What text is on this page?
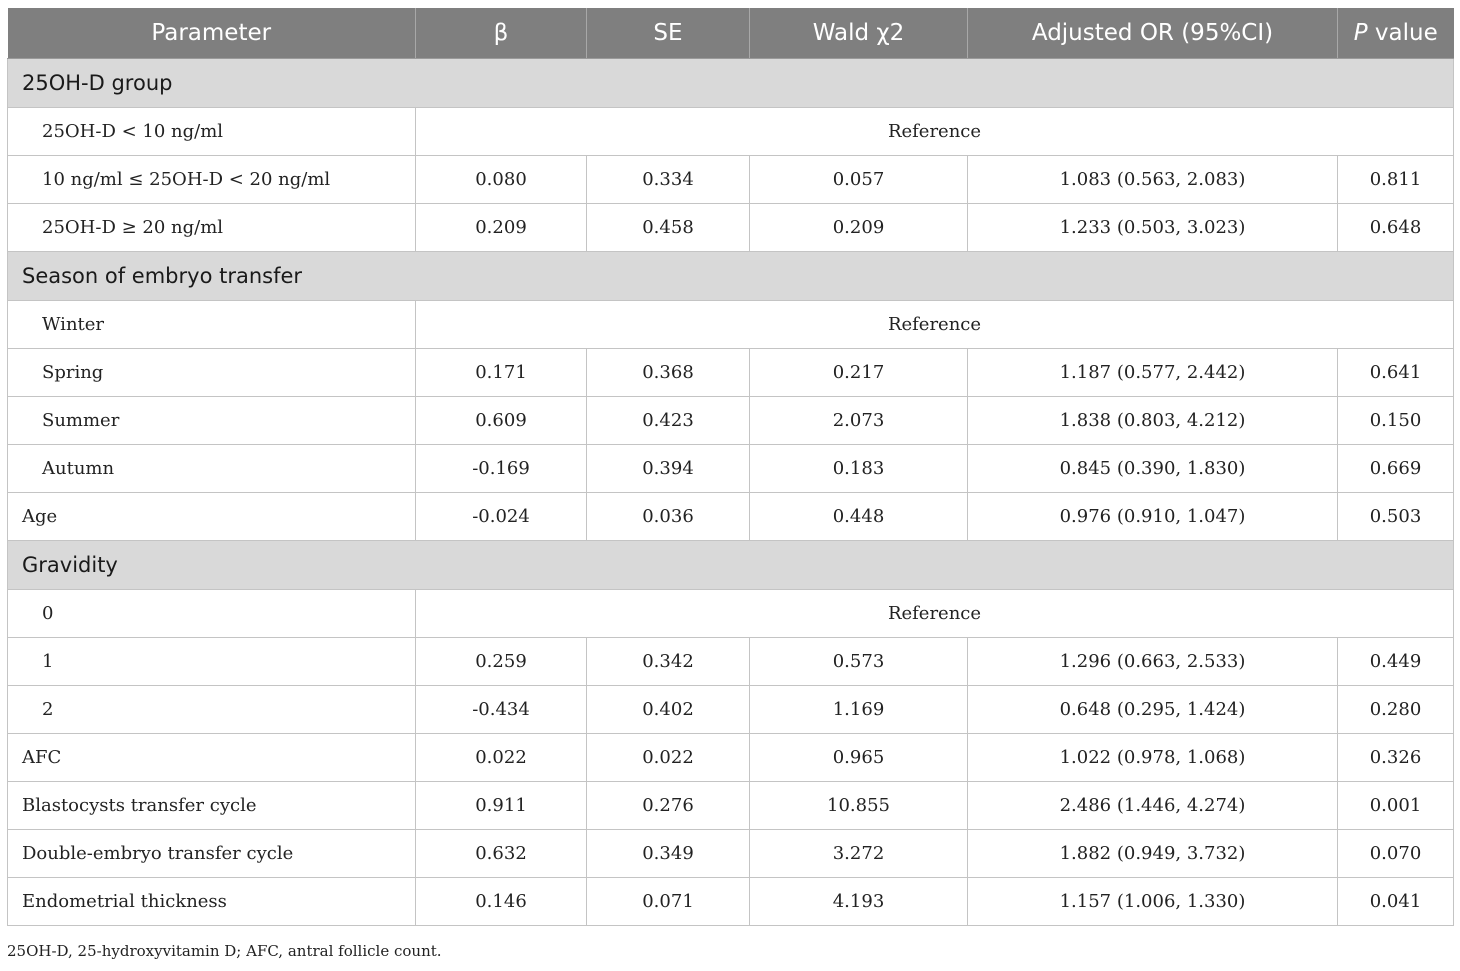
Parameter	β	SE	Wald χ2	Adjusted OR (95%CI)	P value
25OH-D group					
25OH-D < 10 ng/ml	Reference				
10 ng/ml ≤ 25OH-D < 20 ng/ml	0.080	0.334	0.057	1.083 (0.563, 2.083)	0.811
25OH-D ≥ 20 ng/ml	0.209	0.458	0.209	1.233 (0.503, 3.023)	0.648
Season of embryo transfer					
Winter	Reference				
Spring	0.171	0.368	0.217	1.187 (0.577, 2.442)	0.641
Summer	0.609	0.423	2.073	1.838 (0.803, 4.212)	0.150
Autumn	-0.169	0.394	0.183	0.845 (0.390, 1.830)	0.669
Age	-0.024	0.036	0.448	0.976 (0.910, 1.047)	0.503
Gravidity					
0	Reference				
1	0.259	0.342	0.573	1.296 (0.663, 2.533)	0.449
2	-0.434	0.402	1.169	0.648 (0.295, 1.424)	0.280
AFC	0.022	0.022	0.965	1.022 (0.978, 1.068)	0.326
Blastocysts transfer cycle	0.911	0.276	10.855	2.486 (1.446, 4.274)	0.001
Double-embryo transfer cycle	0.632	0.349	3.272	1.882 (0.949, 3.732)	0.070
Endometrial thickness	0.146	0.071	4.193	1.157 (1.006, 1.330)	0.041
25OH-D, 25-hydroxyvitamin D; AFC, antral follicle count.
